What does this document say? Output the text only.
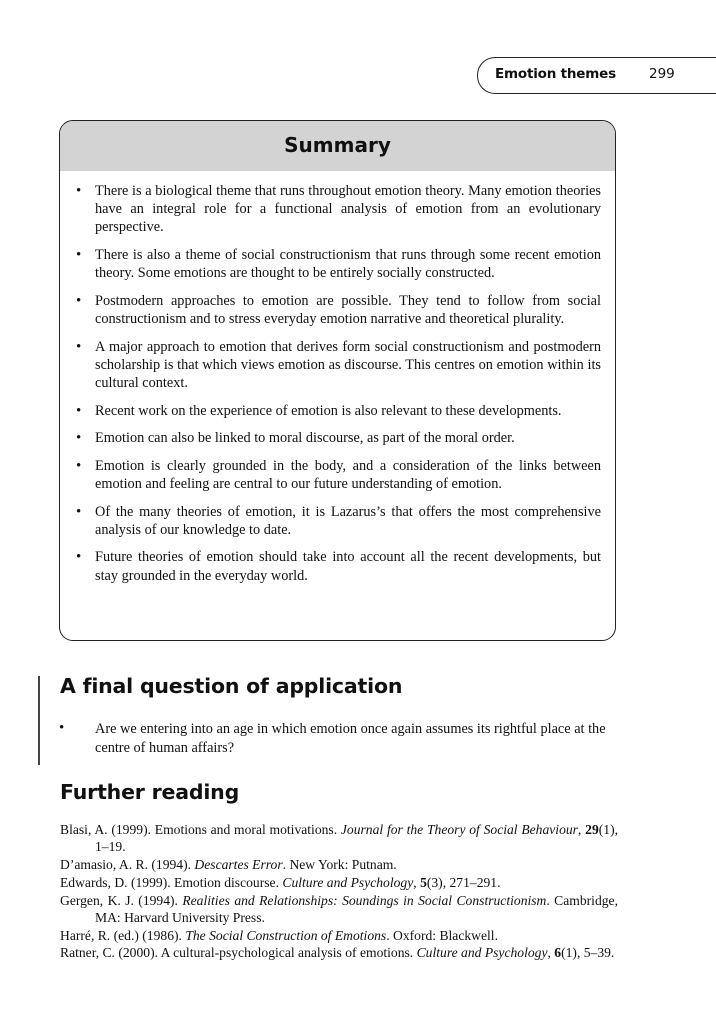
Emotion themes 299
Summary
• There is a biological theme that runs throughout emotion theory. Many emotion theories have an integral role for a functional analysis of emotion from an evolutionary perspective.
• There is also a theme of social constructionism that runs through some recent emotion theory. Some emotions are thought to be entirely socially constructed.
• Postmodern approaches to emotion are possible. They tend to follow from social constructionism and to stress everyday emotion narrative and theoretical plurality.
• A major approach to emotion that derives form social constructionism and postmodern scholarship is that which views emotion as discourse. This centres on emotion within its cultural context.
• Recent work on the experience of emotion is also relevant to these developments.
• Emotion can also be linked to moral discourse, as part of the moral order.
• Emotion is clearly grounded in the body, and a consideration of the links between emotion and feeling are central to our future understanding of emotion.
• Of the many theories of emotion, it is Lazarus’s that offers the most comprehensive analysis of our knowledge to date.
• Future theories of emotion should take into account all the recent developments, but stay grounded in the everyday world.
A final question of application
• Are we entering into an age in which emotion once again assumes its rightful place at the centre of human affairs?
Further reading
Blasi, A. (1999). Emotions and moral motivations. Journal for the Theory of Social Behaviour, 29(1), 1–19.
D’amasio, A. R. (1994). Descartes Error. New York: Putnam.
Edwards, D. (1999). Emotion discourse. Culture and Psychology, 5(3), 271–291.
Gergen, K. J. (1994). Realities and Relationships: Soundings in Social Constructionism. Cambridge, MA: Harvard University Press.
Harré, R. (ed.) (1986). The Social Construction of Emotions. Oxford: Blackwell.
Ratner, C. (2000). A cultural-psychological analysis of emotions. Culture and Psychology, 6(1), 5–39.
